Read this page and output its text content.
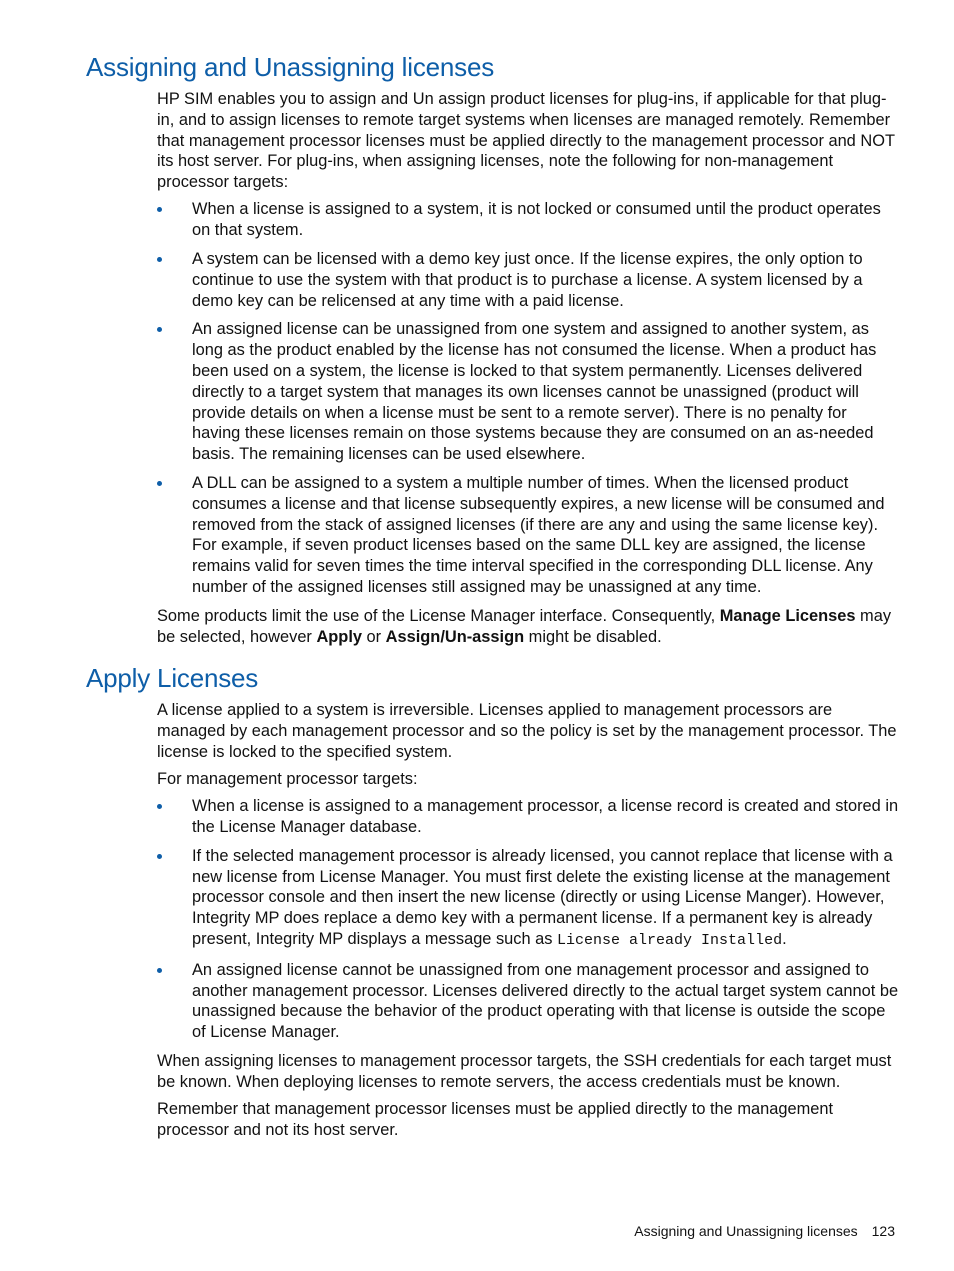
Assigning and Unassigning licenses

HP SIM enables you to assign and Un assign product licenses for plug-ins, if applicable for that plug-in, and to assign licenses to remote target systems when licenses are managed remotely. Remember that management processor licenses must be applied directly to the management processor and NOT its host server. For plug-ins, when assigning licenses, note the following for non-management processor targets:

When a license is assigned to a system, it is not locked or consumed until the product operates on that system.
A system can be licensed with a demo key just once. If the license expires, the only option to continue to use the system with that product is to purchase a license. A system licensed by a demo key can be relicensed at any time with a paid license.
An assigned license can be unassigned from one system and assigned to another system, as long as the product enabled by the license has not consumed the license. When a product has been used on a system, the license is locked to that system permanently. Licenses delivered directly to a target system that manages its own licenses cannot be unassigned (product will provide details on when a license must be sent to a remote server). There is no penalty for having these licenses remain on those systems because they are consumed on an as-needed basis. The remaining licenses can be used elsewhere.
A DLL can be assigned to a system a multiple number of times. When the licensed product consumes a license and that license subsequently expires, a new license will be consumed and removed from the stack of assigned licenses (if there are any and using the same license key). For example, if seven product licenses based on the same DLL key are assigned, the license remains valid for seven times the time interval specified in the corresponding DLL license. Any number of the assigned licenses still assigned may be unassigned at any time.

Some products limit the use of the License Manager interface. Consequently, Manage Licenses may be selected, however Apply or Assign/Un-assign might be disabled.

Apply Licenses

A license applied to a system is irreversible. Licenses applied to management processors are managed by each management processor and so the policy is set by the management processor. The license is locked to the specified system.

For management processor targets:

When a license is assigned to a management processor, a license record is created and stored in the License Manager database.
If the selected management processor is already licensed, you cannot replace that license with a new license from License Manager. You must first delete the existing license at the management processor console and then insert the new license (directly or using License Manger). However, Integrity MP does replace a demo key with a permanent license. If a permanent key is already present, Integrity MP displays a message such as License already Installed.
An assigned license cannot be unassigned from one management processor and assigned to another management processor. Licenses delivered directly to the actual target system cannot be unassigned because the behavior of the product operating with that license is outside the scope of License Manager.

When assigning licenses to management processor targets, the SSH credentials for each target must be known. When deploying licenses to remote servers, the access credentials must be known.

Remember that management processor licenses must be applied directly to the management processor and not its host server.

Assigning and Unassigning licenses 123
